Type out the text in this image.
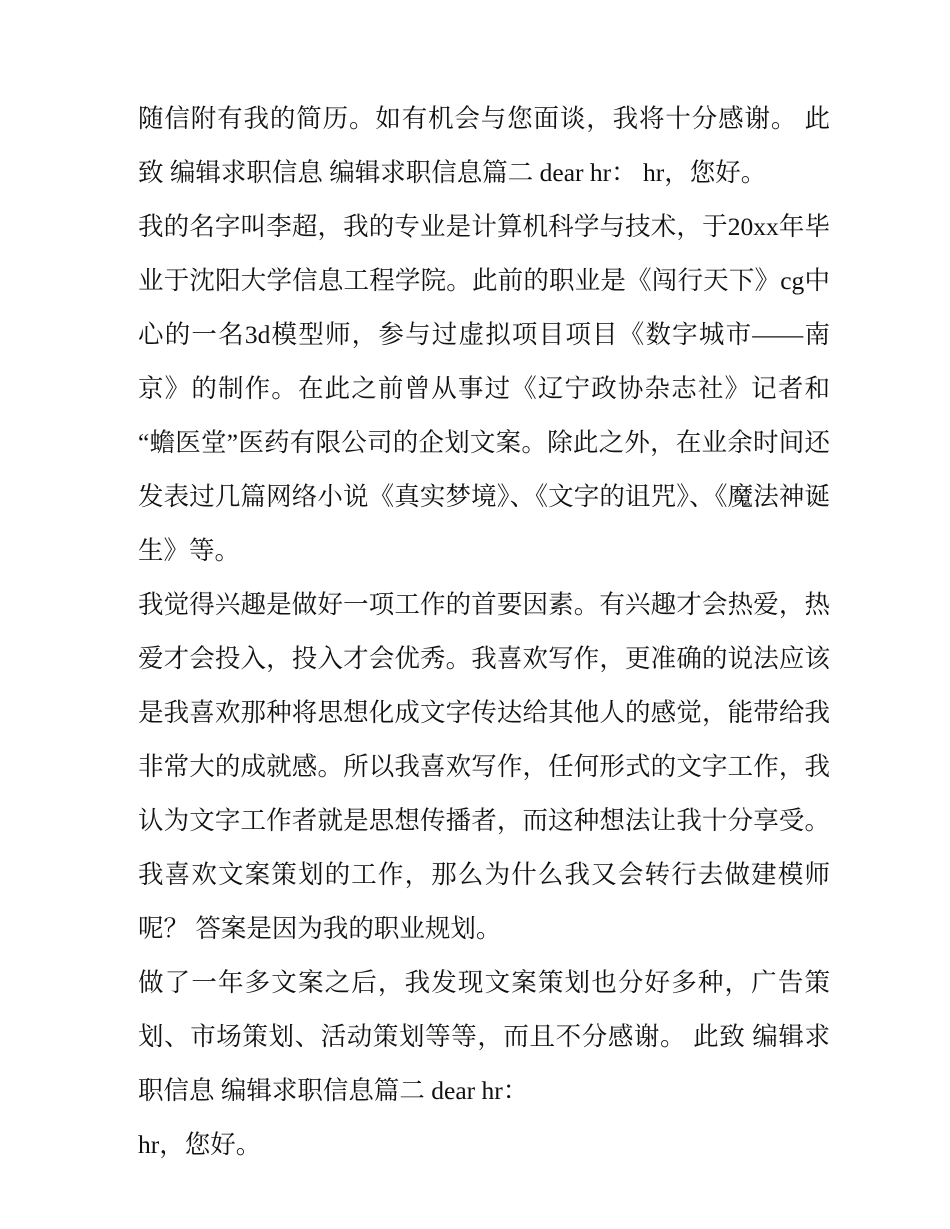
随信附有我的简历。如有机会与您面谈，我将十分感谢。 此致 编辑求职信息 编辑求职信息篇二 dear hr： hr，您好。

我的名字叫李超，我的专业是计算机科学与技术，于20xx年毕业于沈阳大学信息工程学院。此前的职业是《闯行天下》cg中心的一名3d模型师，参与过虚拟项目项目《数字城市——南京》的制作。在此之前曾从事过《辽宁政协杂志社》记者和“蟾医堂”医药有限公司的企划文案。除此之外，在业余时间还发表过几篇网络小说《真实梦境》、《文字的诅咒》、《魔法神诞生》等。

我觉得兴趣是做好一项工作的首要因素。有兴趣才会热爱，热爱才会投入，投入才会优秀。我喜欢写作，更准确的说法应该是我喜欢那种将思想化成文字传达给其他人的感觉，能带给我非常大的成就感。所以我喜欢写作，任何形式的文字工作，我认为文字工作者就是思想传播者，而这种想法让我十分享受。我喜欢文案策划的工作，那么为什么我又会转行去做建模师呢？ 答案是因为我的职业规划。

做了一年多文案之后，我发现文案策划也分好多种，广告策划、市场策划、活动策划等等，而且不分感谢。 此致 编辑求职信息 编辑求职信息篇二 dear hr：

hr，您好。
